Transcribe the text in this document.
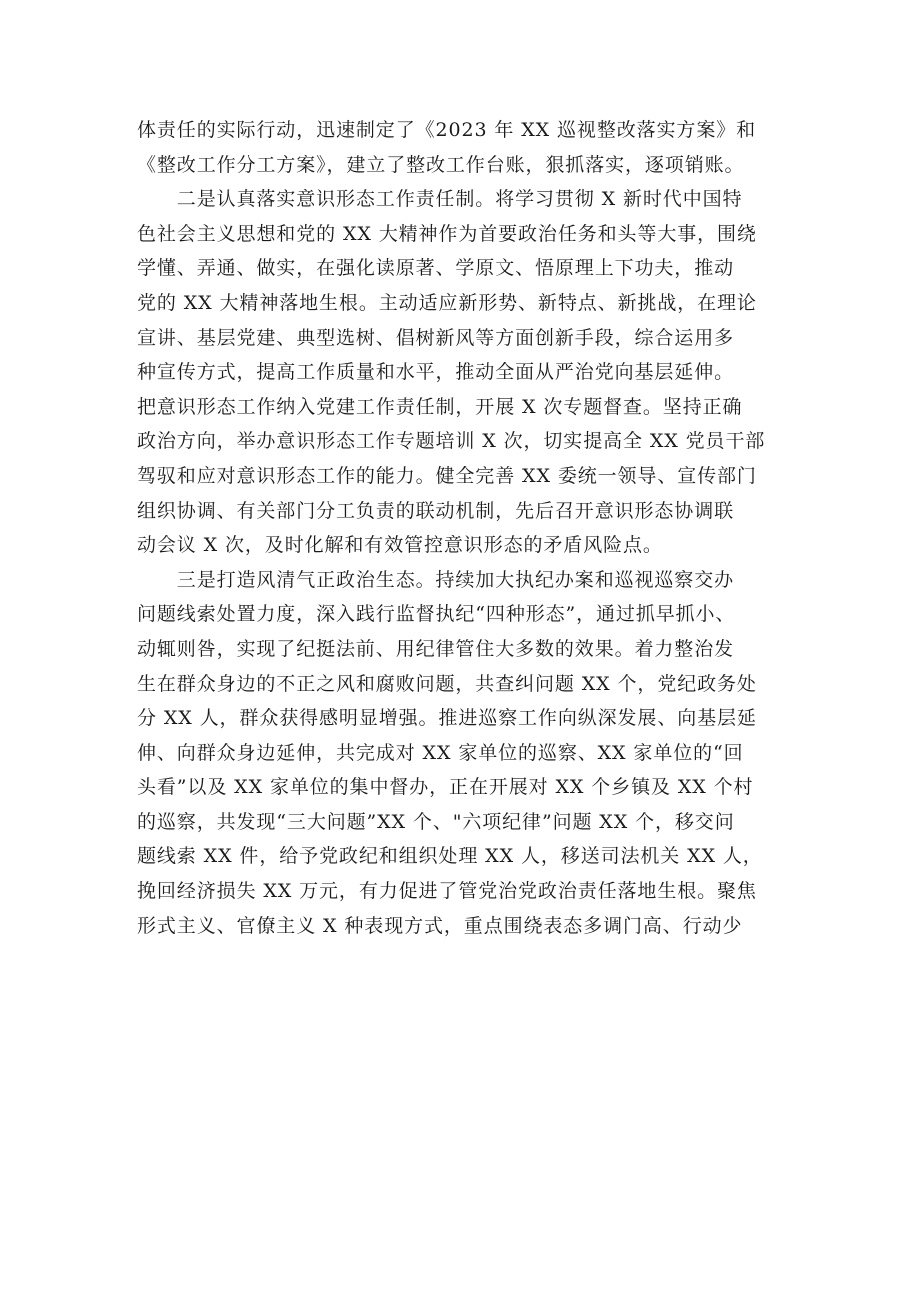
体责任的实际行动，迅速制定了《2023 年 XX 巡视整改落实方案》和
《整改工作分工方案》，建立了整改工作台账，狠抓落实，逐项销账。
　　二是认真落实意识形态工作责任制。将学习贯彻 X 新时代中国特
色社会主义思想和党的 XX 大精神作为首要政治任务和头等大事，围绕
学懂、弄通、做实，在强化读原著、学原文、悟原理上下功夫，推动
党的 XX 大精神落地生根。主动适应新形势、新特点、新挑战，在理论
宣讲、基层党建、典型选树、倡树新风等方面创新手段，综合运用多
种宣传方式，提高工作质量和水平，推动全面从严治党向基层延伸。
把意识形态工作纳入党建工作责任制，开展 X 次专题督查。坚持正确
政治方向，举办意识形态工作专题培训 X 次，切实提高全 XX 党员干部
驾驭和应对意识形态工作的能力。健全完善 XX 委统一领导、宣传部门
组织协调、有关部门分工负责的联动机制，先后召开意识形态协调联
动会议 X 次，及时化解和有效管控意识形态的矛盾风险点。
　　三是打造风清气正政治生态。持续加大执纪办案和巡视巡察交办
问题线索处置力度，深入践行监督执纪“四种形态”，通过抓早抓小、
动辄则咎，实现了纪挺法前、用纪律管住大多数的效果。着力整治发
生在群众身边的不正之风和腐败问题，共查纠问题 XX 个，党纪政务处
分 XX 人，群众获得感明显增强。推进巡察工作向纵深发展、向基层延
伸、向群众身边延伸，共完成对 XX 家单位的巡察、XX 家单位的“回
头看”以及 XX 家单位的集中督办，正在开展对 XX 个乡镇及 XX 个村
的巡察，共发现“三大问题”XX 个、"六项纪律”问题 XX 个，移交问
题线索 XX 件，给予党政纪和组织处理 XX 人，移送司法机关 XX 人，
挽回经济损失 XX 万元，有力促进了管党治党政治责任落地生根。聚焦
形式主义、官僚主义 X 种表现方式，重点围绕表态多调门高、行动少
